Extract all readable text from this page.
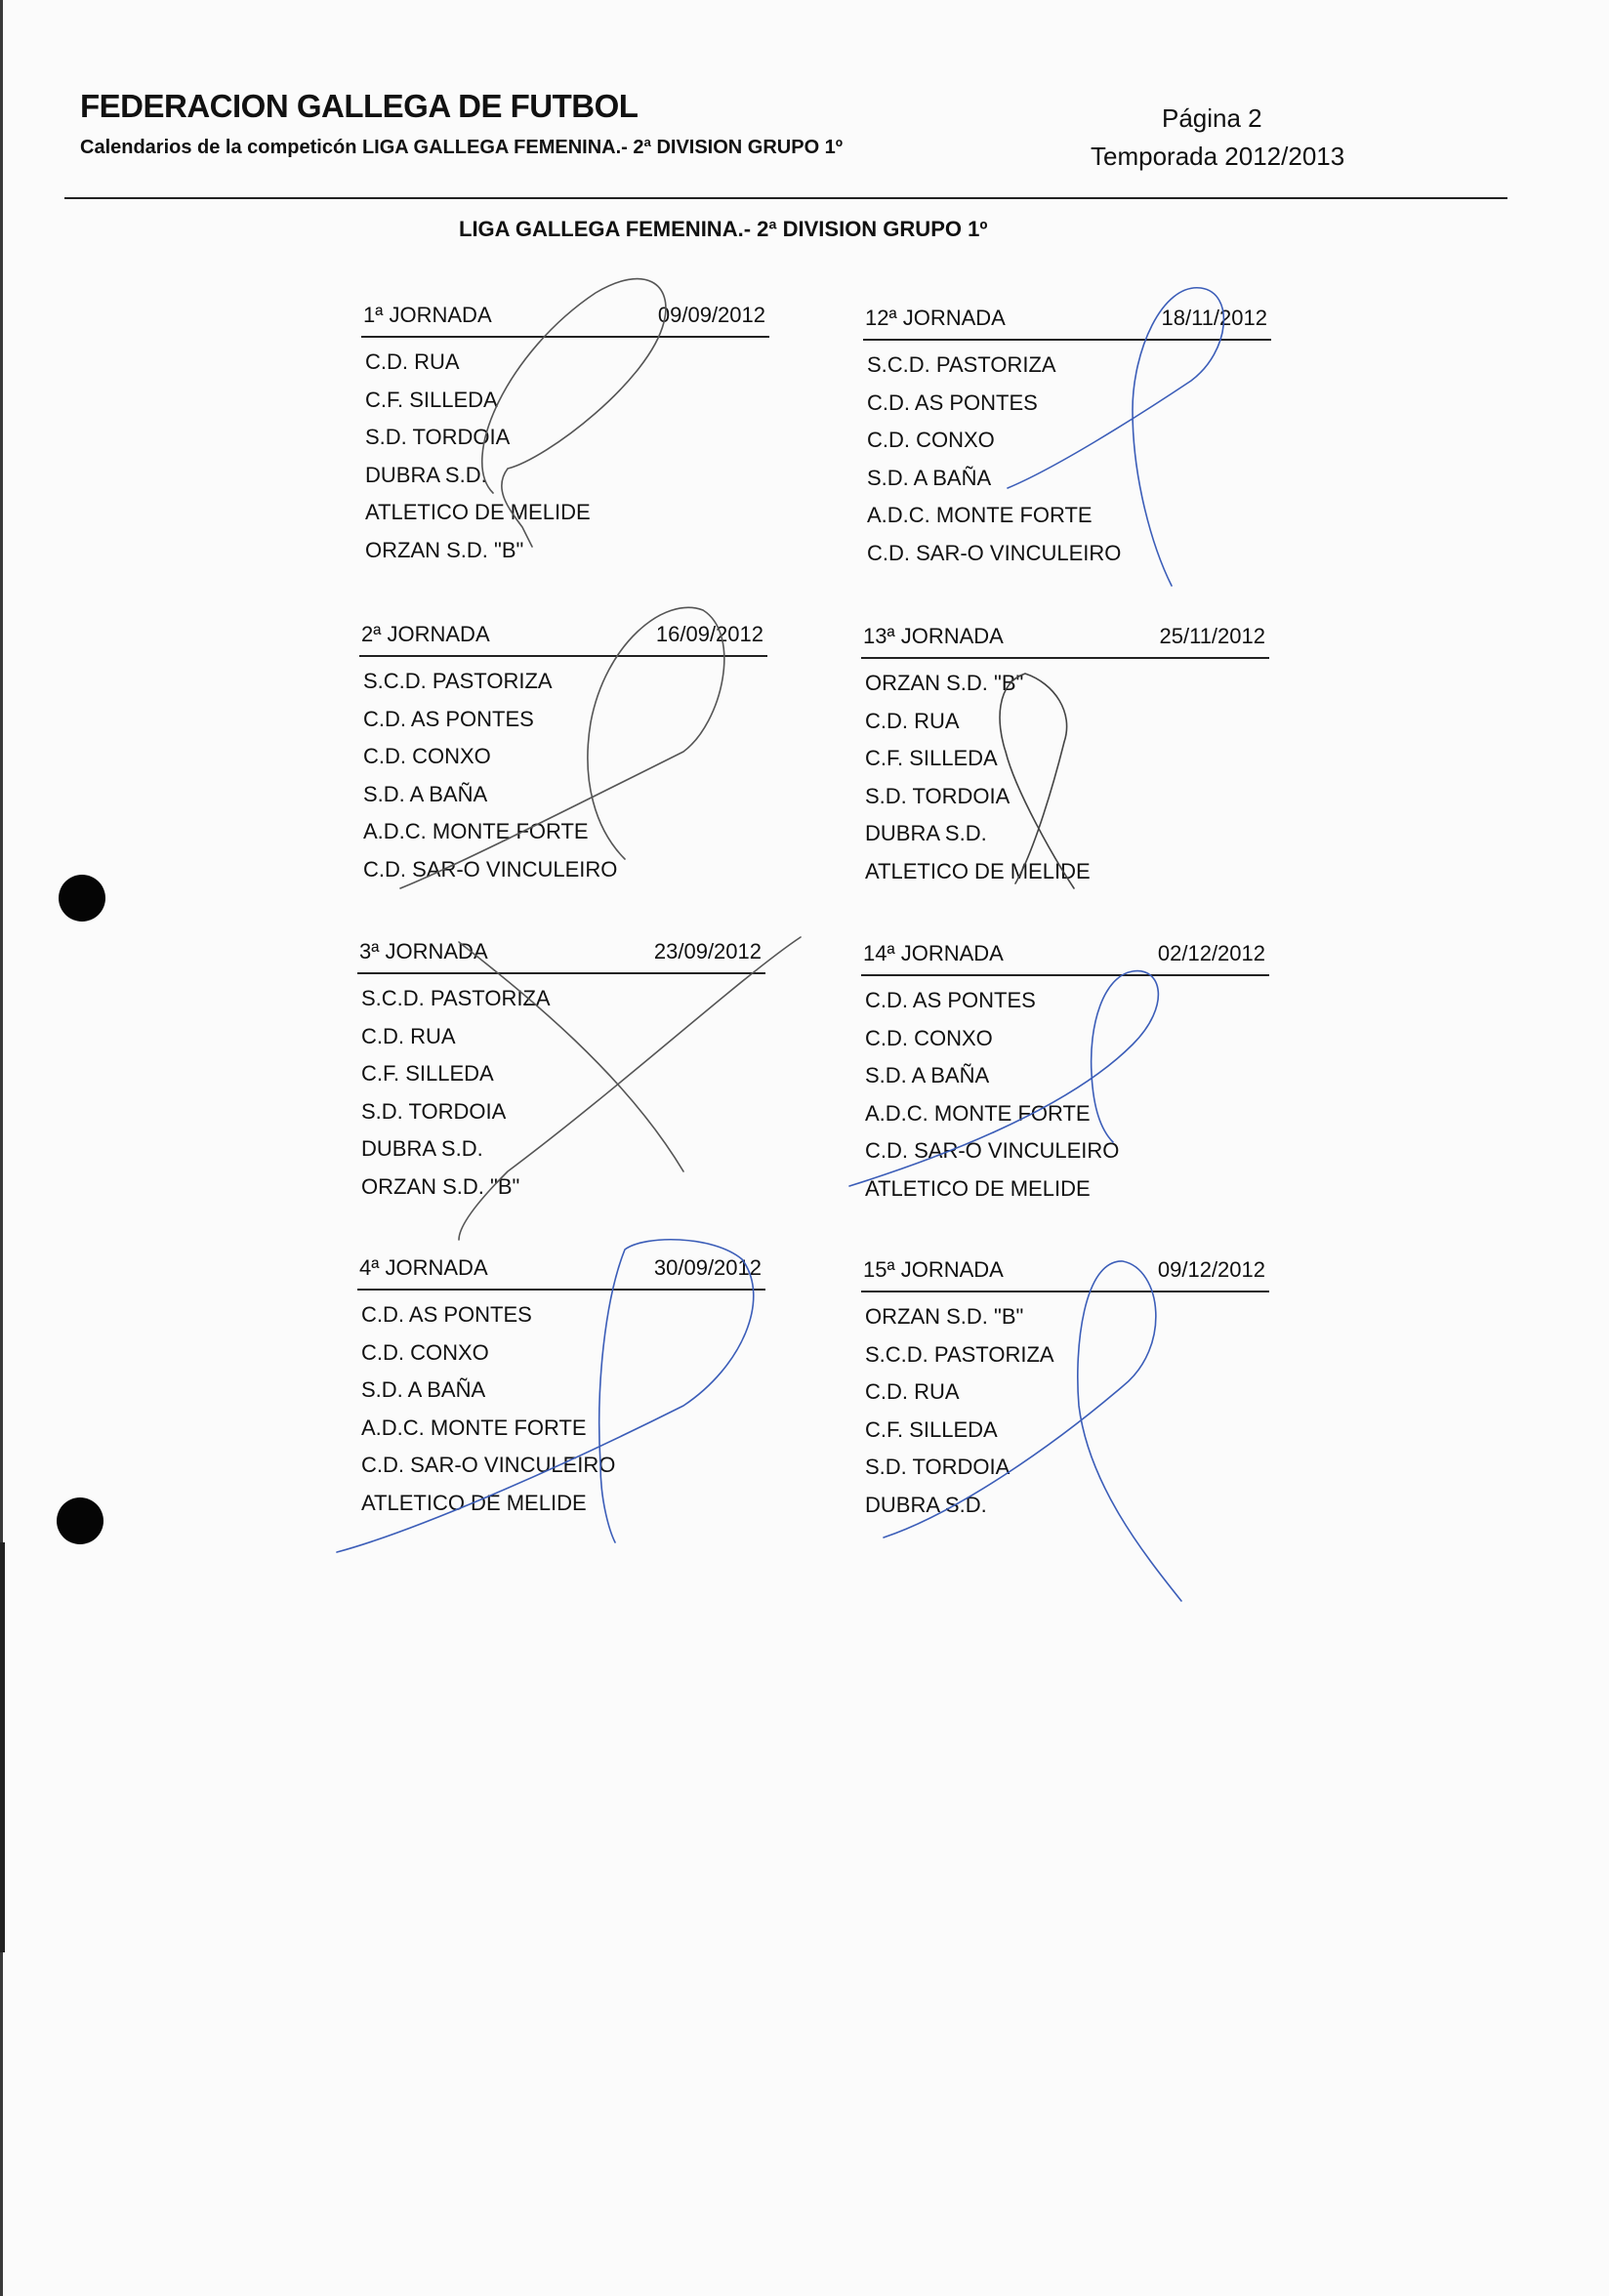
FEDERACION GALLEGA DE FUTBOL
Calendarios de la competicón LIGA GALLEGA FEMENINA.- 2ª DIVISION GRUPO 1º
Página 2
Temporada 2012/2013
LIGA GALLEGA FEMENINA.- 2ª DIVISION GRUPO 1º
1ª JORNADA	09/09/2012
C.D. RUA
C.F. SILLEDA
S.D. TORDOIA
DUBRA S.D.
ATLETICO DE MELIDE
ORZAN S.D. "B"
12ª JORNADA	18/11/2012
S.C.D. PASTORIZA
C.D. AS PONTES
C.D. CONXO
S.D. A BAÑA
A.D.C. MONTE FORTE
C.D. SAR-O VINCULEIRO
2ª JORNADA	16/09/2012
S.C.D. PASTORIZA
C.D. AS PONTES
C.D. CONXO
S.D. A BAÑA
A.D.C. MONTE FORTE
C.D. SAR-O VINCULEIRO
13ª JORNADA	25/11/2012
ORZAN S.D. "B"
C.D. RUA
C.F. SILLEDA
S.D. TORDOIA
DUBRA S.D.
ATLETICO DE MELIDE
3ª JORNADA	23/09/2012
S.C.D. PASTORIZA
C.D. RUA
C.F. SILLEDA
S.D. TORDOIA
DUBRA S.D.
ORZAN S.D. "B"
14ª JORNADA	02/12/2012
C.D. AS PONTES
C.D. CONXO
S.D. A BAÑA
A.D.C. MONTE FORTE
C.D. SAR-O VINCULEIRO
ATLETICO DE MELIDE
4ª JORNADA	30/09/2012
C.D. AS PONTES
C.D. CONXO
S.D. A BAÑA
A.D.C. MONTE FORTE
C.D. SAR-O VINCULEIRO
ATLETICO DE MELIDE
15ª JORNADA	09/12/2012
ORZAN S.D. "B"
S.C.D. PASTORIZA
C.D. RUA
C.F. SILLEDA
S.D. TORDOIA
DUBRA S.D.
